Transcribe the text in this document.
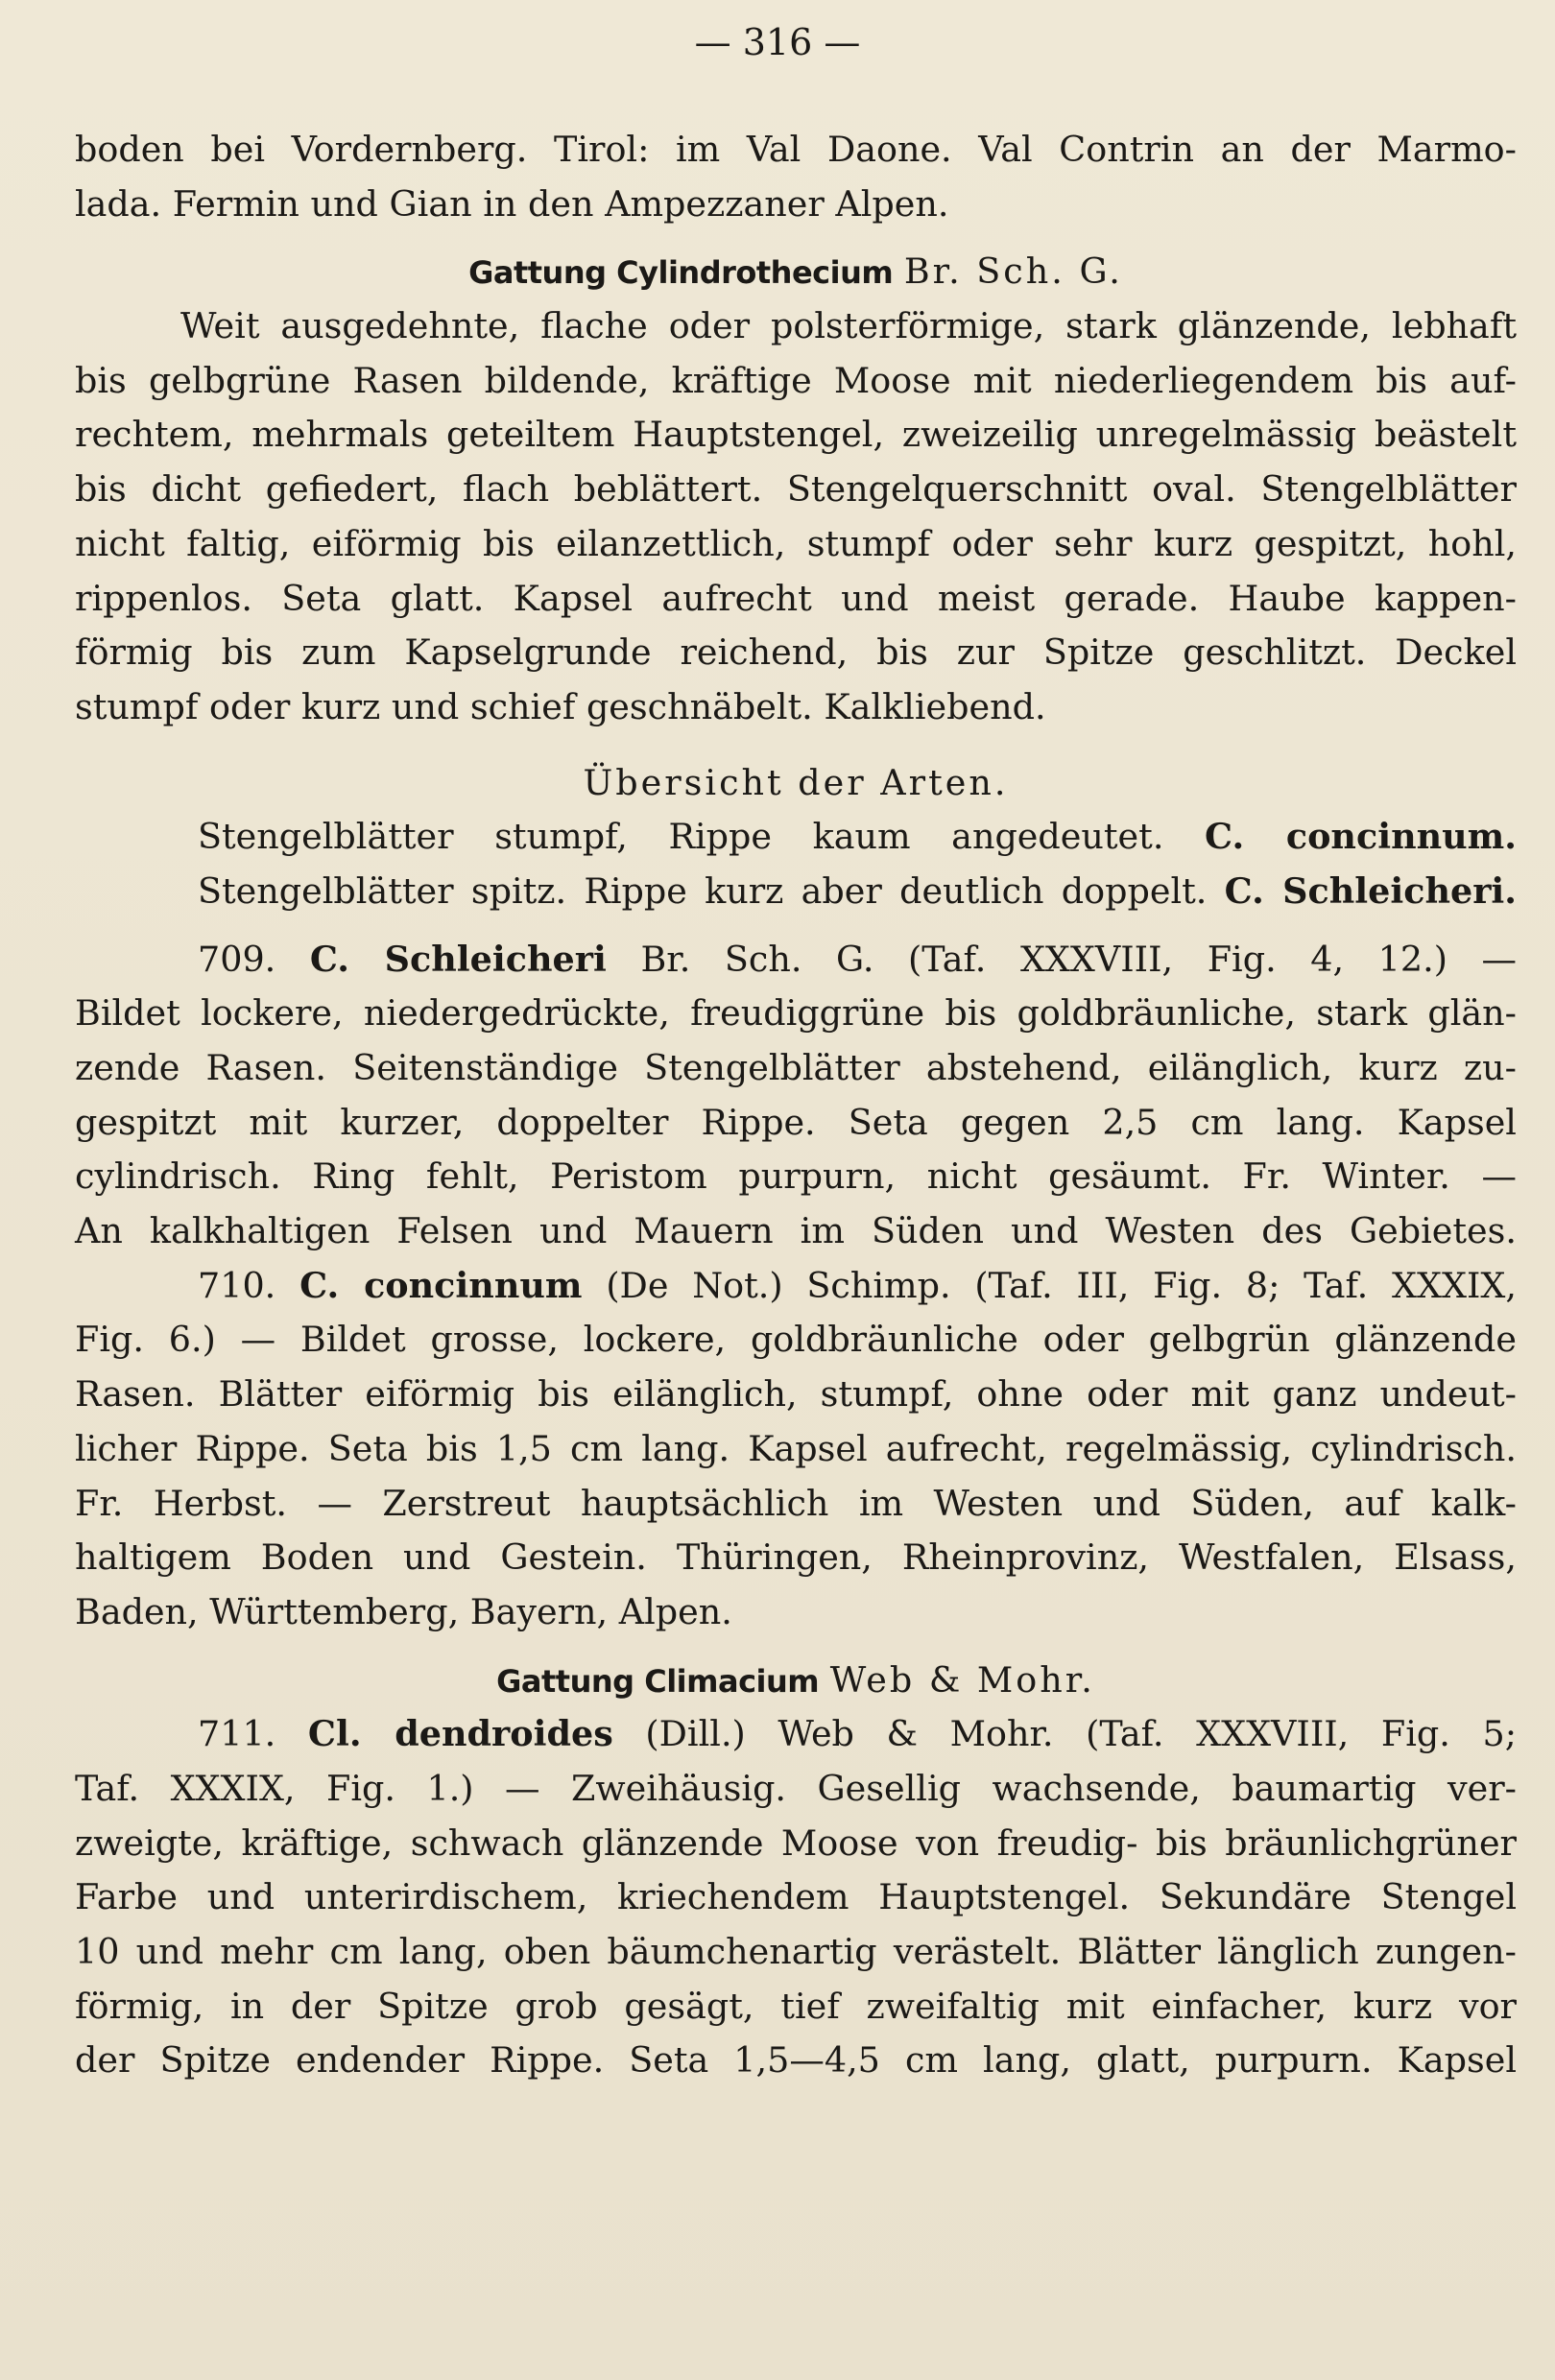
— 316 —
boden bei Vordernberg. Tirol: im Val Daone. Val Contrin an der Marmo-
lada. Fermin und Gian in den Ampezzaner Alpen.
Gattung Cylindrothecium Br. Sch. G.
Weit ausgedehnte, flache oder polsterförmige, stark glänzende, lebhaft
bis gelbgrüne Rasen bildende, kräftige Moose mit niederliegendem bis auf-
rechtem, mehrmals geteiltem Hauptstengel, zweizeilig unregelmässig beästelt
bis dicht gefiedert, flach beblättert. Stengelquerschnitt oval. Stengelblätter
nicht faltig, eiförmig bis eilanzettlich, stumpf oder sehr kurz gespitzt, hohl,
rippenlos. Seta glatt. Kapsel aufrecht und meist gerade. Haube kappen-
förmig bis zum Kapselgrunde reichend, bis zur Spitze geschlitzt. Deckel
stumpf oder kurz und schief geschnäbelt. Kalkliebend.
Übersicht der Arten.
Stengelblätter stumpf, Rippe kaum angedeutet. C. concinnum.
Stengelblätter spitz. Rippe kurz aber deutlich doppelt. C. Schleicheri.
709. C. Schleicheri Br. Sch. G. (Taf. XXXVIII, Fig. 4, 12.) —
Bildet lockere, niedergedrückte, freudiggrüne bis goldbräunliche, stark glän-
zende Rasen. Seitenständige Stengelblätter abstehend, eilänglich, kurz zu-
gespitzt mit kurzer, doppelter Rippe. Seta gegen 2,5 cm lang. Kapsel
cylindrisch. Ring fehlt, Peristom purpurn, nicht gesäumt. Fr. Winter. —
An kalkhaltigen Felsen und Mauern im Süden und Westen des Gebietes.
710. C. concinnum (De Not.) Schimp. (Taf. III, Fig. 8; Taf. XXXIX,
Fig. 6.) — Bildet grosse, lockere, goldbräunliche oder gelbgrün glänzende
Rasen. Blätter eiförmig bis eilänglich, stumpf, ohne oder mit ganz undeut-
licher Rippe. Seta bis 1,5 cm lang. Kapsel aufrecht, regelmässig, cylindrisch.
Fr. Herbst. — Zerstreut hauptsächlich im Westen und Süden, auf kalk-
haltigem Boden und Gestein. Thüringen, Rheinprovinz, Westfalen, Elsass,
Baden, Württemberg, Bayern, Alpen.
Gattung Climacium Web & Mohr.
711. Cl. dendroides (Dill.) Web & Mohr. (Taf. XXXVIII, Fig. 5;
Taf. XXXIX, Fig. 1.) — Zweihäusig. Gesellig wachsende, baumartig ver-
zweigte, kräftige, schwach glänzende Moose von freudig- bis bräunlichgrüner
Farbe und unterirdischem, kriechendem Hauptstengel. Sekundäre Stengel
10 und mehr cm lang, oben bäumchenartig verästelt. Blätter länglich zungen-
förmig, in der Spitze grob gesägt, tief zweifaltig mit einfacher, kurz vor
der Spitze endender Rippe. Seta 1,5—4,5 cm lang, glatt, purpurn. Kapsel
